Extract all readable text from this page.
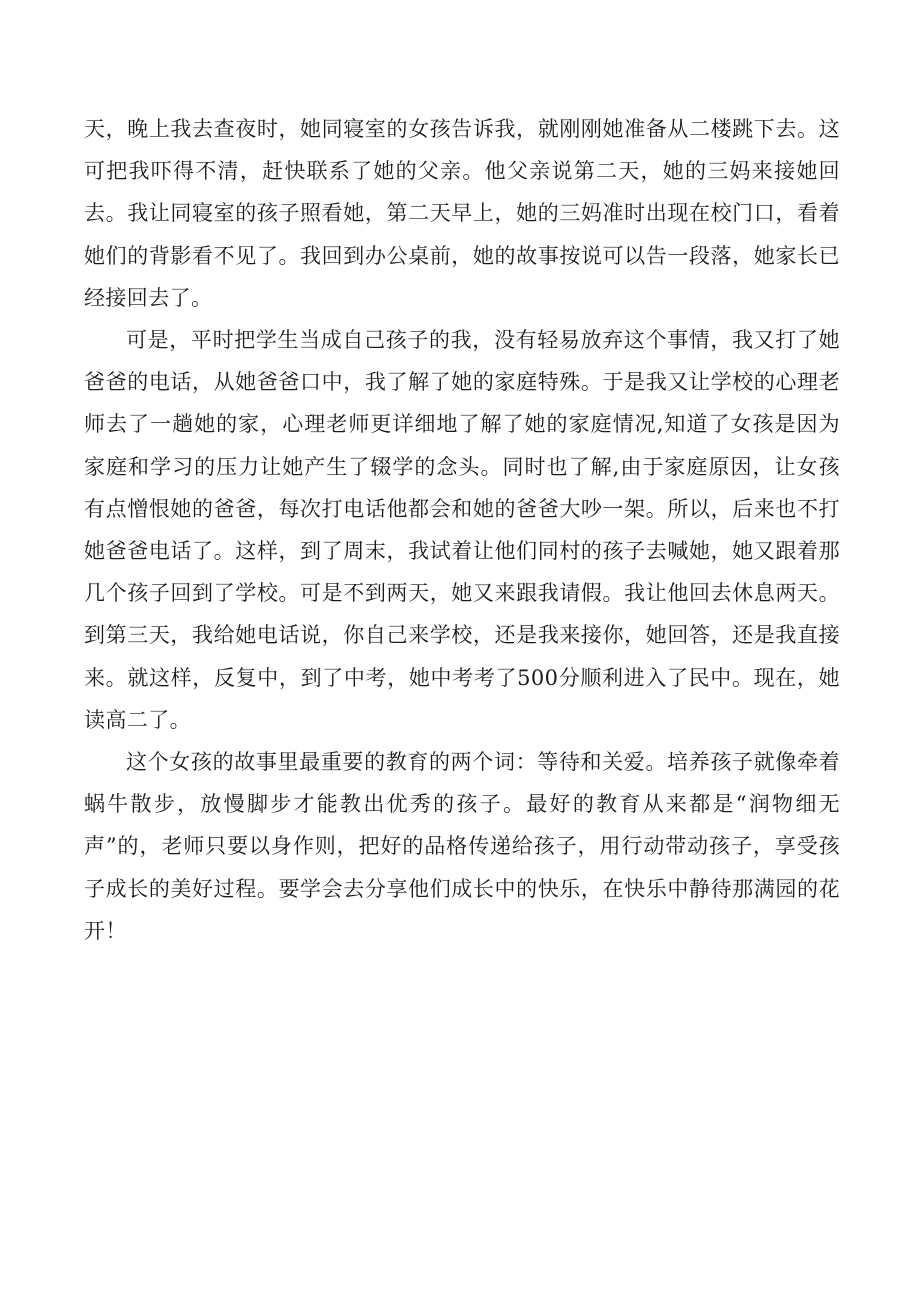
天，晚上我去查夜时，她同寝室的女孩告诉我，就刚刚她准备从二楼跳下去。这可把我吓得不清，赶快联系了她的父亲。他父亲说第二天，她的三妈来接她回去。我让同寝室的孩子照看她，第二天早上，她的三妈准时出现在校门口，看着她们的背影看不见了。我回到办公桌前，她的故事按说可以告一段落，她家长已经接回去了。

可是，平时把学生当成自己孩子的我，没有轻易放弃这个事情，我又打了她爸爸的电话，从她爸爸口中，我了解了她的家庭特殊。于是我又让学校的心理老师去了一趟她的家，心理老师更详细地了解了她的家庭情况,知道了女孩是因为家庭和学习的压力让她产生了辍学的念头。同时也了解,由于家庭原因，让女孩有点憎恨她的爸爸，每次打电话他都会和她的爸爸大吵一架。所以，后来也不打她爸爸电话了。这样，到了周末，我试着让他们同村的孩子去喊她，她又跟着那几个孩子回到了学校。可是不到两天，她又来跟我请假。我让他回去休息两天。到第三天，我给她电话说，你自己来学校，还是我来接你，她回答，还是我直接来。就这样，反复中，到了中考，她中考考了500分顺利进入了民中。现在，她读高二了。

这个女孩的故事里最重要的教育的两个词：等待和关爱。培养孩子就像牵着蜗牛散步，放慢脚步才能教出优秀的孩子。最好的教育从来都是“润物细无声”的，老师只要以身作则，把好的品格传递给孩子，用行动带动孩子，享受孩子成长的美好过程。要学会去分享他们成长中的快乐，在快乐中静待那满园的花开！
